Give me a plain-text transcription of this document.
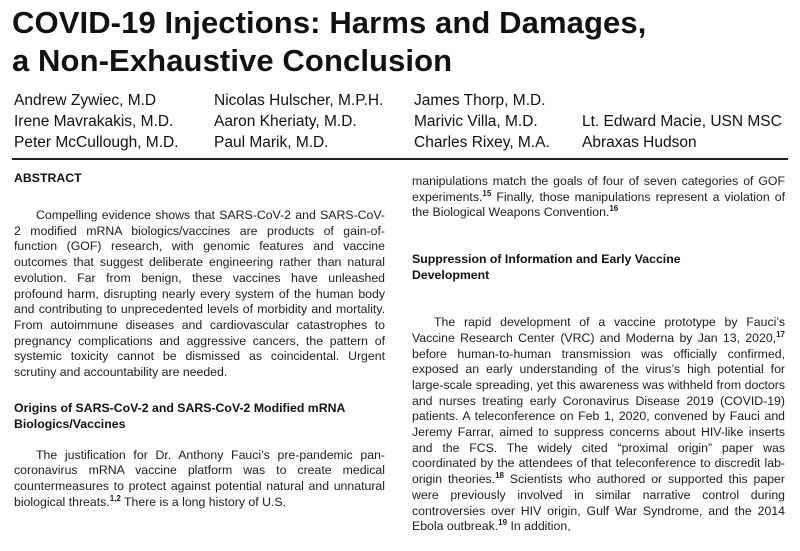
COVID-19 Injections: Harms and Damages,
a Non-Exhaustive Conclusion
Andrew Zywiec, M.D
Irene Mavrakakis, M.D.
Peter McCullough, M.D.
Nicolas Hulscher, M.P.H.
Aaron Kheriaty, M.D.
Paul Marik, M.D.
James Thorp, M.D.
Marivic Villa, M.D.
Charles Rixey, M.A.
Lt. Edward Macie, USN MSC
Abraxas Hudson
ABSTRACT

Compelling evidence shows that SARS-CoV-2 and SARS-CoV-2 modified mRNA biologics/vaccines are products of gain-of-function (GOF) research, with genomic features and vaccine outcomes that suggest deliberate engineering rather than natural evolution. Far from benign, these vaccines have unleashed profound harm, disrupting nearly every system of the human body and contributing to unprecedented levels of morbidity and mortality. From autoimmune diseases and cardiovascular catastrophes to pregnancy complications and aggressive cancers, the pattern of systemic toxicity cannot be dismissed as coincidental. Urgent scrutiny and accountability are needed.

Origins of SARS-CoV-2 and SARS-CoV-2 Modified mRNA
Biologics/Vaccines

The justification for Dr. Anthony Fauci’s pre-pandemic pan-coronavirus mRNA vaccine platform was to create medical countermeasures to protect against potential natural and unnatural biological threats.$^{1,2}$ There is a long history of U.S.

manipulations match the goals of four of seven categories of GOF experiments.$^{15}$ Finally, those manipulations represent a violation of the Biological Weapons Convention.$^{16}$

Suppression of Information and Early Vaccine
Development

The rapid development of a vaccine prototype by Fauci’s Vaccine Research Center (VRC) and Moderna by Jan 13, 2020,17 before human-to-human transmission was officially confirmed, exposed an early understanding of the virus’s high potential for large-scale spreading, yet this awareness was withheld from doctors and nurses treating early Coronavirus Disease 2019 (COVID-19) patients. A teleconference on Feb 1, 2020, convened by Fauci and Jeremy Farrar, aimed to suppress concerns about HIV-like inserts and the FCS. The widely cited “proximal origin” paper was coordinated by the attendees of that teleconference to discredit lab-origin theories.$^{18}$ Scientists who authored or supported this paper were previously involved in similar narrative control during controversies over HIV origin, Gulf War Syndrome, and the 2014 Ebola outbreak.$^{19}$ In addition,
